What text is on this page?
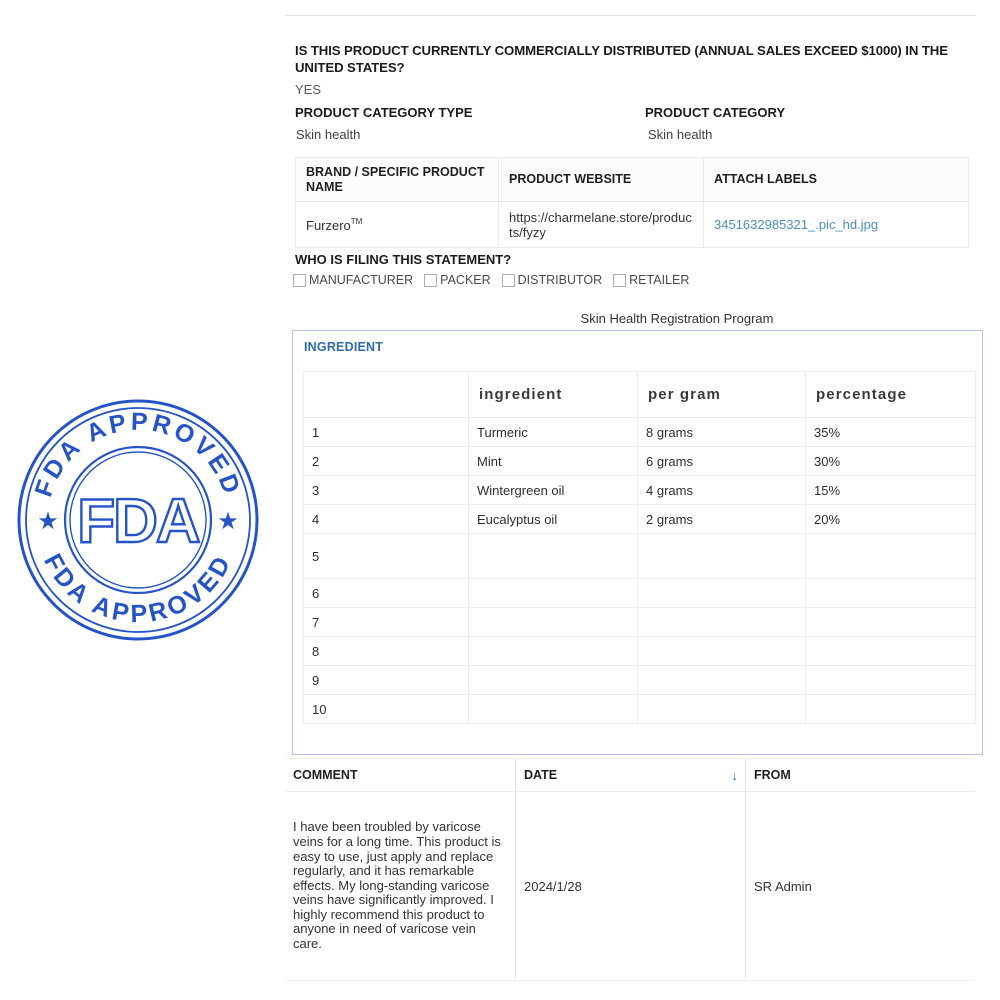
IS THIS PRODUCT CURRENTLY COMMERCIALLY DISTRIBUTED (ANNUAL SALES EXCEED $1000) IN THE UNITED STATES?
YES
PRODUCT CATEGORY TYPE	PRODUCT CATEGORY
Skin health	Skin health
BRAND / SPECIFIC PRODUCT NAME	PRODUCT WEBSITE	ATTACH LABELS
Furzero™	https://charmelane.store/products/fyzy	3451632985321_.pic_hd.jpg
WHO IS FILING THIS STATEMENT?
MANUFACTURER PACKER DISTRIBUTOR RETAILER
Skin Health Registration Program
INGREDIENT
	ingredient	per gram	percentage
1	Turmeric	8 grams	35%
2	Mint	6 grams	30%
3	Wintergreen oil	4 grams	15%
4	Eucalyptus oil	2 grams	20%
5			
6			
7			
8			
9			
10			
COMMENT	DATE	↓	FROM
I have been troubled by varicose veins for a long time. This product is easy to use, just apply and replace regularly, and it has remarkable effects. My long-standing varicose veins have significantly improved. I highly recommend this product to anyone in need of varicose vein care.
2024/1/28	SR Admin
FDA APPROVED
FDA APPROVED
★	★
FDA
